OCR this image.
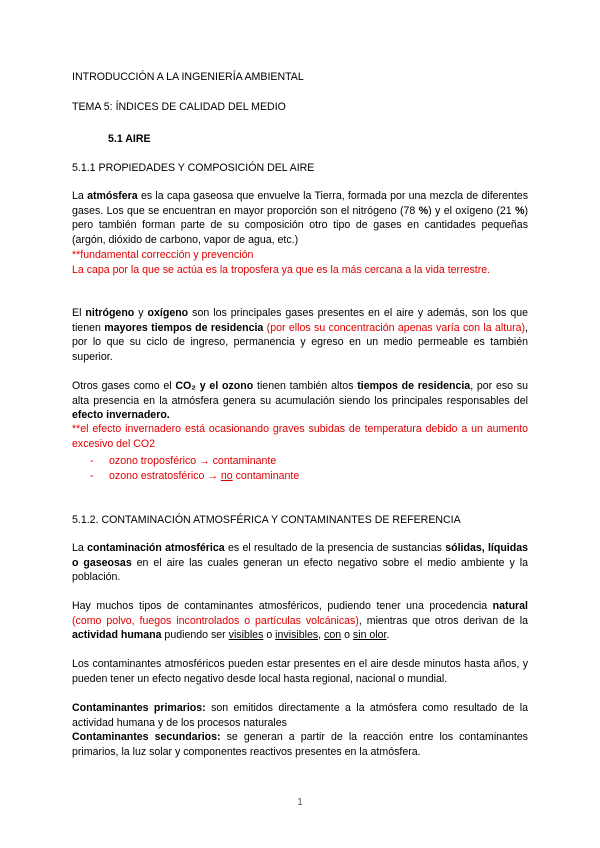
INTRODUCCIÓN A LA INGENIERÍA AMBIENTAL
TEMA 5: ÍNDICES DE CALIDAD DEL MEDIO
5.1 AIRE
5.1.1 PROPIEDADES Y COMPOSICIÓN DEL AIRE
La atmósfera es la capa gaseosa que envuelve la Tierra, formada por una mezcla de diferentes gases. Los que se encuentran en mayor proporción son el nitrógeno (78 %) y el oxígeno (21 %) pero también forman parte de su composición otro tipo de gases en cantidades pequeñas (argón, dióxido de carbono, vapor de agua, etc.)
**fundamental corrección y prevención
La capa por la que se actúa es la troposfera ya que es la más cercana a la vida terrestre.
El nitrógeno y oxígeno son los principales gases presentes en el aire y además, son los que tienen mayores tiempos de residencia (por ellos su concentración apenas varía con la altura), por lo que su ciclo de ingreso, permanencia y egreso en un medio permeable es también superior.
Otros gases como el CO₂ y el ozono tienen también altos tiempos de residencia, por eso su alta presencia en la atmósfera genera su acumulación siendo los principales responsables del efecto invernadero.
**el efecto invernadero está ocasionando graves subidas de temperatura debido a un aumento excesivo del CO2
- ozono troposférico → contaminante
- ozono estratosférico → no contaminante
5.1.2. CONTAMINACIÓN ATMOSFÉRICA Y CONTAMINANTES DE REFERENCIA
La contaminación atmosférica es el resultado de la presencia de sustancias sólidas, líquidas o gaseosas en el aire las cuales generan un efecto negativo sobre el medio ambiente y la población.
Hay muchos tipos de contaminantes atmosféricos, pudiendo tener una procedencia natural (como polvo, fuegos incontrolados o partículas volcánicas), mientras que otros derivan de la actividad humana pudiendo ser visibles o invisibles, con o sin olor.
Los contaminantes atmosféricos pueden estar presentes en el aire desde minutos hasta años, y pueden tener un efecto negativo desde local hasta regional, nacional o mundial.
Contaminantes primarios: son emitidos directamente a la atmósfera como resultado de la actividad humana y de los procesos naturales
Contaminantes secundarios: se generan a partir de la reacción entre los contaminantes primarios, la luz solar y componentes reactivos presentes en la atmósfera.
1
